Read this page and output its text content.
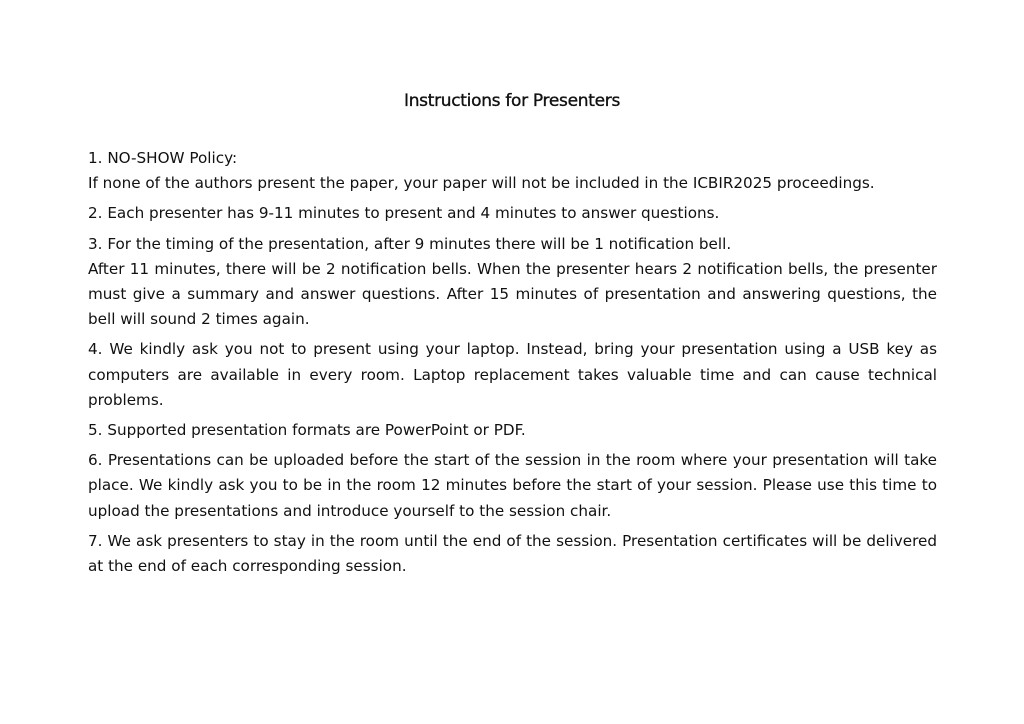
Instructions for Presenters
1. NO-SHOW Policy:
If none of the authors present the paper, your paper will not be included in the ICBIR2025 proceedings.
2. Each presenter has 9-11 minutes to present and 4 minutes to answer questions.
3. For the timing of the presentation, after 9 minutes there will be 1 notification bell.
After 11 minutes, there will be 2 notification bells. When the presenter hears 2 notification bells, the presenter must give a summary and answer questions. After 15 minutes of presentation and answering questions, the bell will sound 2 times again.
4. We kindly ask you not to present using your laptop. Instead, bring your presentation using a USB key as computers are available in every room. Laptop replacement takes valuable time and can cause technical problems.
5. Supported presentation formats are PowerPoint or PDF.
6. Presentations can be uploaded before the start of the session in the room where your presentation will take place. We kindly ask you to be in the room 12 minutes before the start of your session. Please use this time to upload the presentations and introduce yourself to the session chair.
7. We ask presenters to stay in the room until the end of the session. Presentation certificates will be delivered at the end of each corresponding session.
